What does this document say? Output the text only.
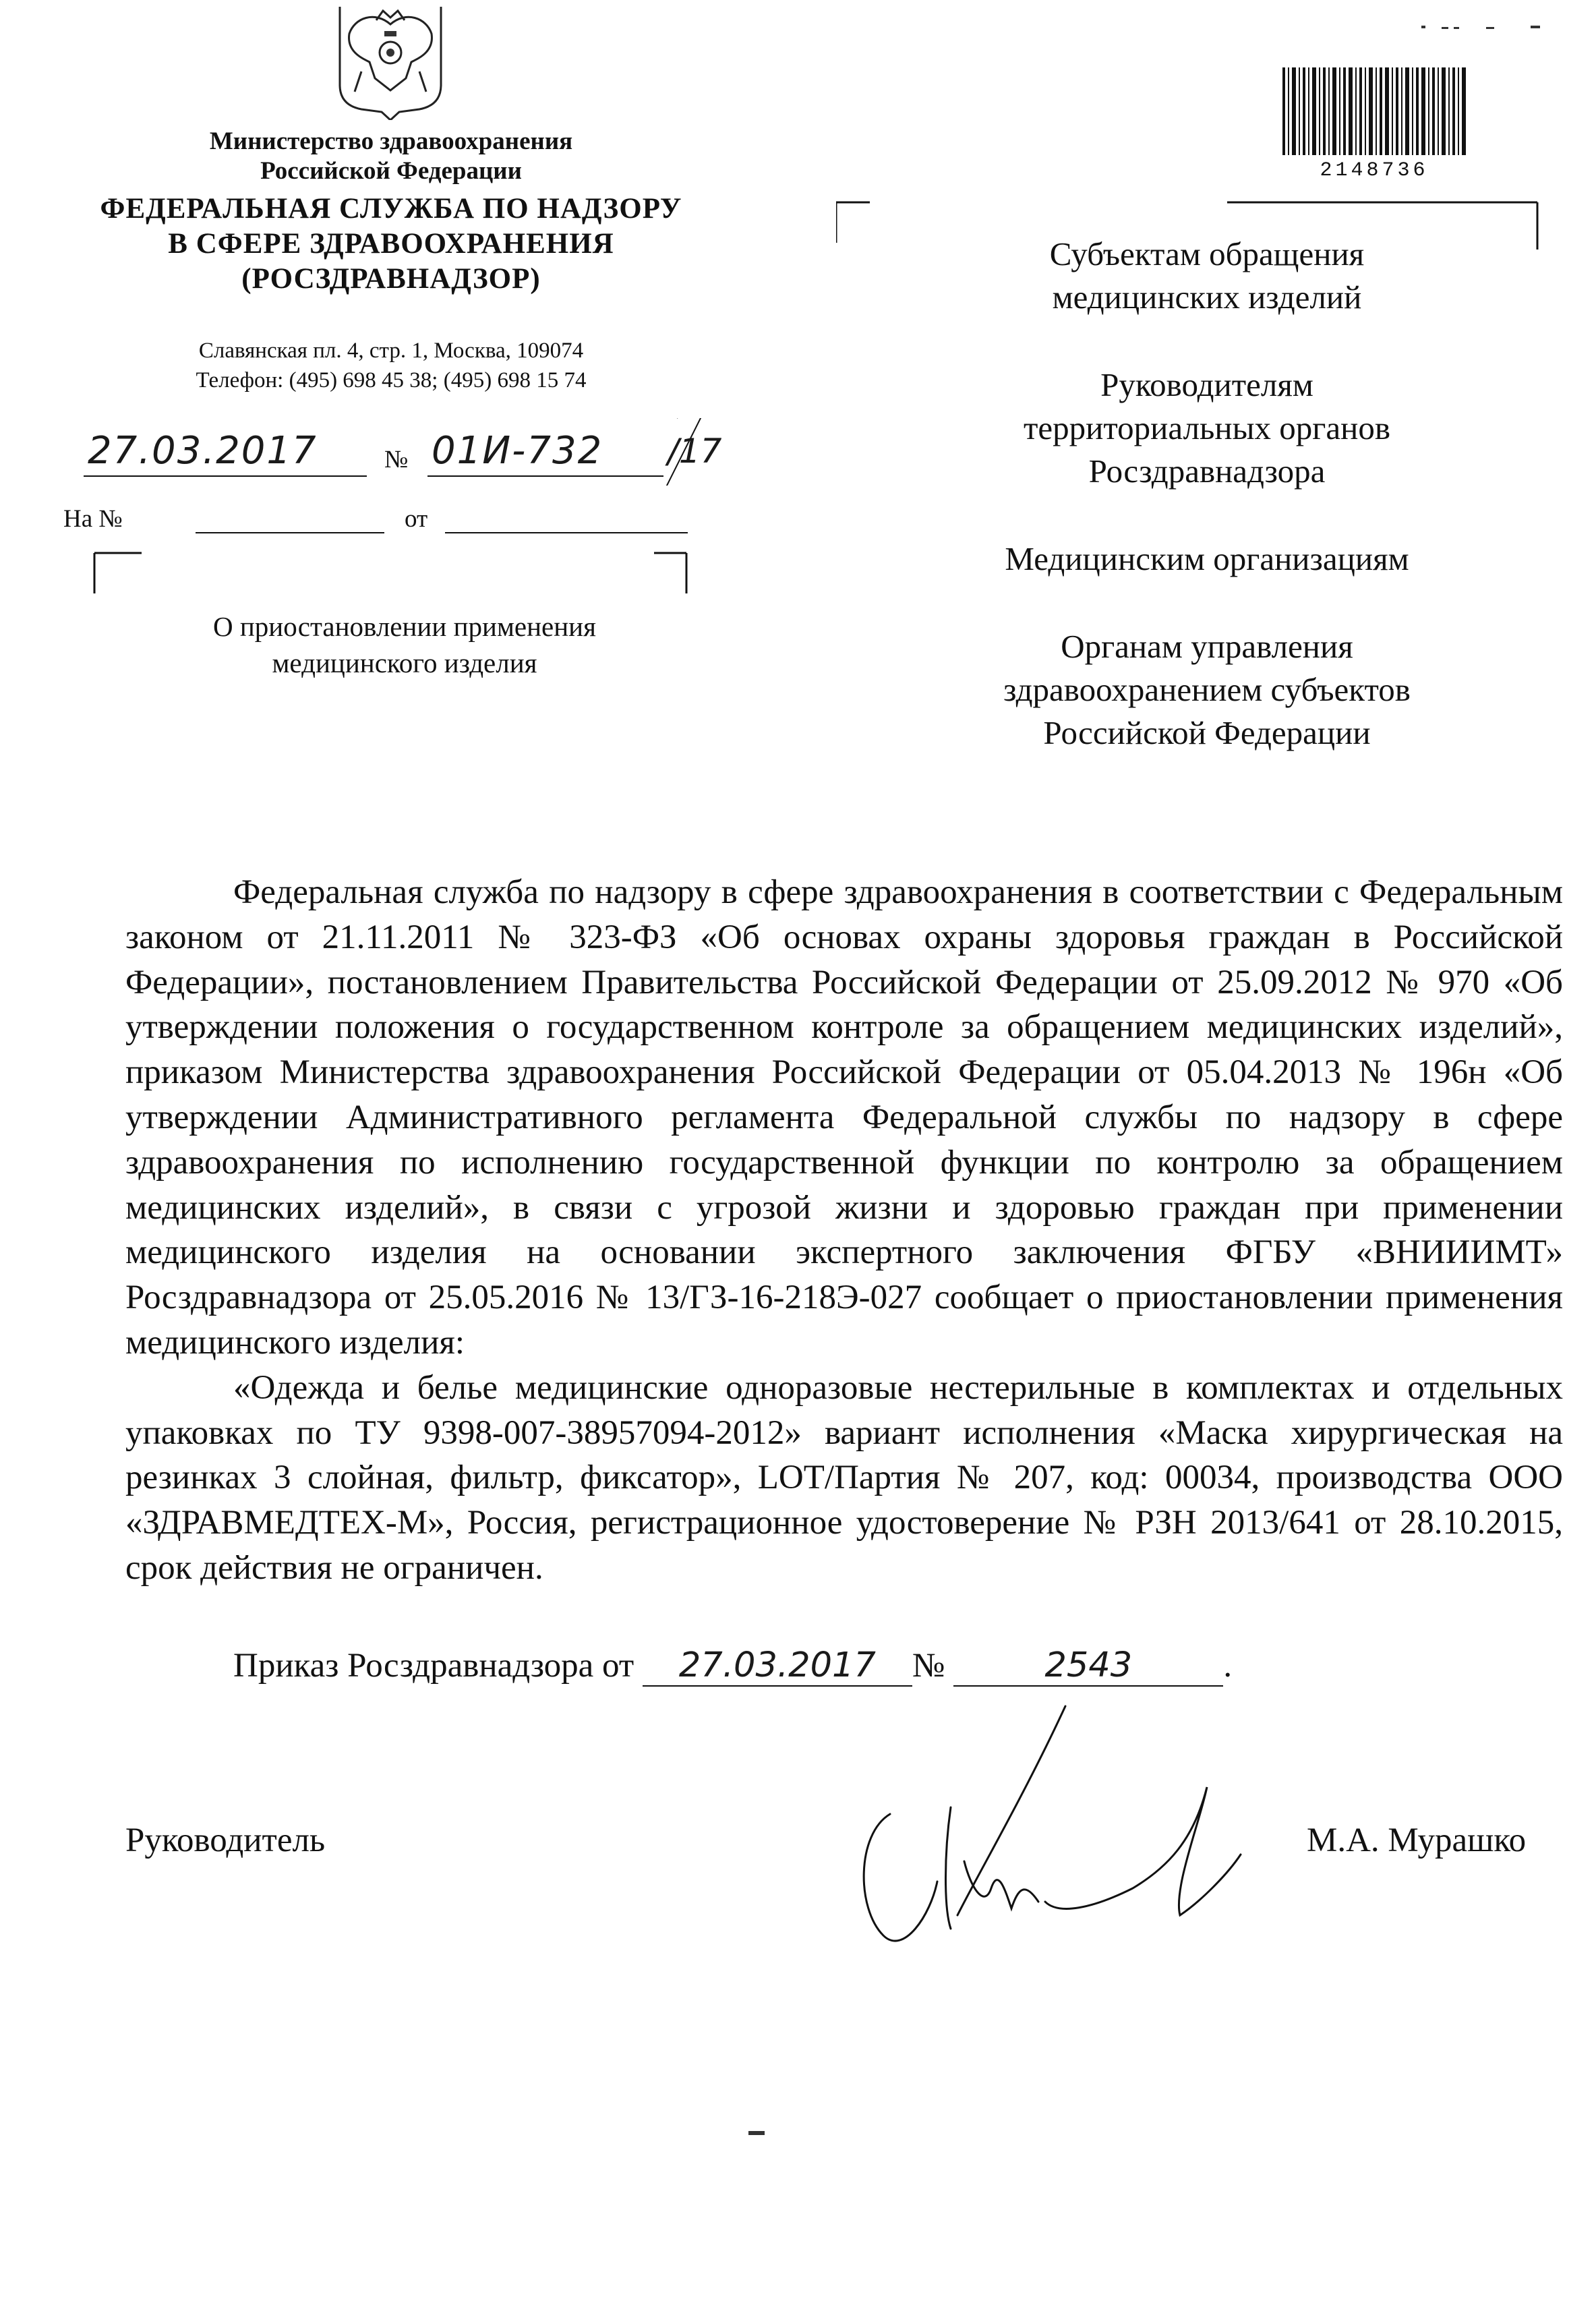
Министерство здравоохранения
Российской Федерации
ФЕДЕРАЛЬНАЯ СЛУЖБА ПО НАДЗОРУ
В СФЕРЕ ЗДРАВООХРАНЕНИЯ
(РОСЗДРАВНАДЗОР)
Славянская пл. 4, стр. 1, Москва, 109074
Телефон: (495) 698 45 38; (495) 698 15 74
2148736
27.03.2017	№ 01И-732 /17
На №	от
О приостановлении применения
медицинского изделия
Субъектам обращения
медицинских изделий
Руководителям
территориальных органов
Росздравнадзора
Медицинским организациям
Органам управления
здравоохранением субъектов
Российской Федерации

Федеральная служба по надзору в сфере здравоохранения в соответствии с Федеральным законом от 21.11.2011 № 323-ФЗ «Об основах охраны здоровья граждан в Российской Федерации», постановлением Правительства Российской Федерации от 25.09.2012 № 970 «Об утверждении положения о государственном контроле за обращением медицинских изделий», приказом Министерства здравоохранения Российской Федерации от 05.04.2013 № 196н «Об утверждении Административного регламента Федеральной службы по надзору в сфере здравоохранения по исполнению государственной функции по контролю за обращением медицинских изделий», в связи с угрозой жизни и здоровью граждан при применении медицинского изделия на основании экспертного заключения ФГБУ «ВНИИИМТ» Росздравнадзора от 25.05.2016 № 13/ГЗ-16-218Э-027 сообщает о приостановлении применения медицинского изделия:

«Одежда и белье медицинские одноразовые нестерильные в комплектах и отдельных упаковках по ТУ 9398-007-38957094-2012» вариант исполнения «Маска хирургическая на резинках 3 слойная, фильтр, фиксатор», LOT/Партия № 207, код: 00034, производства ООО «ЗДРАВМЕДТЕХ-М», Россия, регистрационное удостоверение № РЗН 2013/641 от 28.10.2015, срок действия не ограничен.

Приказ Росздравнадзора от 27.03.2017 №	2543	.
Руководитель	М.А. Мурашко
